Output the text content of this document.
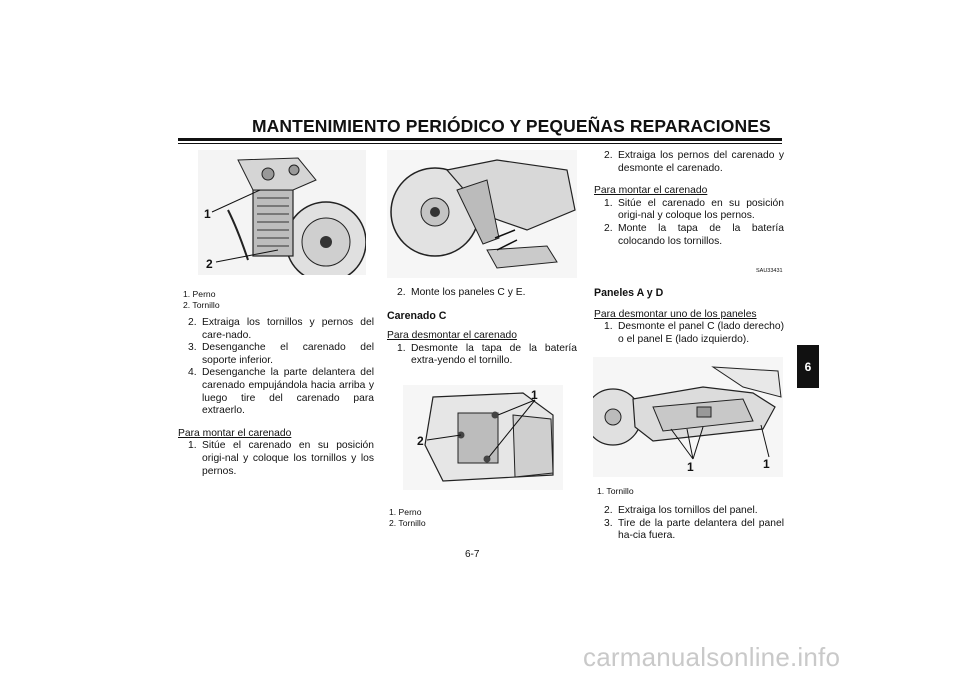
MANTENIMIENTO PERIÓDICO Y PEQUEÑAS REPARACIONES
6
1
2
1. Perno
2. Tornillo
2. Extraiga los tornillos y pernos del care-nado.
3. Desenganche el carenado del soporte inferior.
4. Desenganche la parte delantera del carenado empujándola hacia arriba y luego tire del carenado para extraerlo.

Para montar el carenado

1. Sitúe el carenado en su posición origi-nal y coloque los tornillos y los pernos.
2. Monte los paneles C y E.

Carenado C

Para desmontar el carenado

1. Desmonte la tapa de la batería extra-yendo el tornillo.
1
2
1. Perno
2. Tornillo
2. Extraiga los pernos del carenado y desmonte el carenado.

Para montar el carenado

1. Sitúe el carenado en su posición origi-nal y coloque los pernos.
2. Monte la tapa de la batería colocando los tornillos.
SAU33431

Paneles A y D

Para desmontar uno de los paneles

1. Desmonte el panel C (lado derecho) o el panel E (lado izquierdo).
1	1
1. Tornillo
2. Extraiga los tornillos del panel.
3. Tire de la parte delantera del panel ha-cia fuera.
6-7
carmanualsonline.info
